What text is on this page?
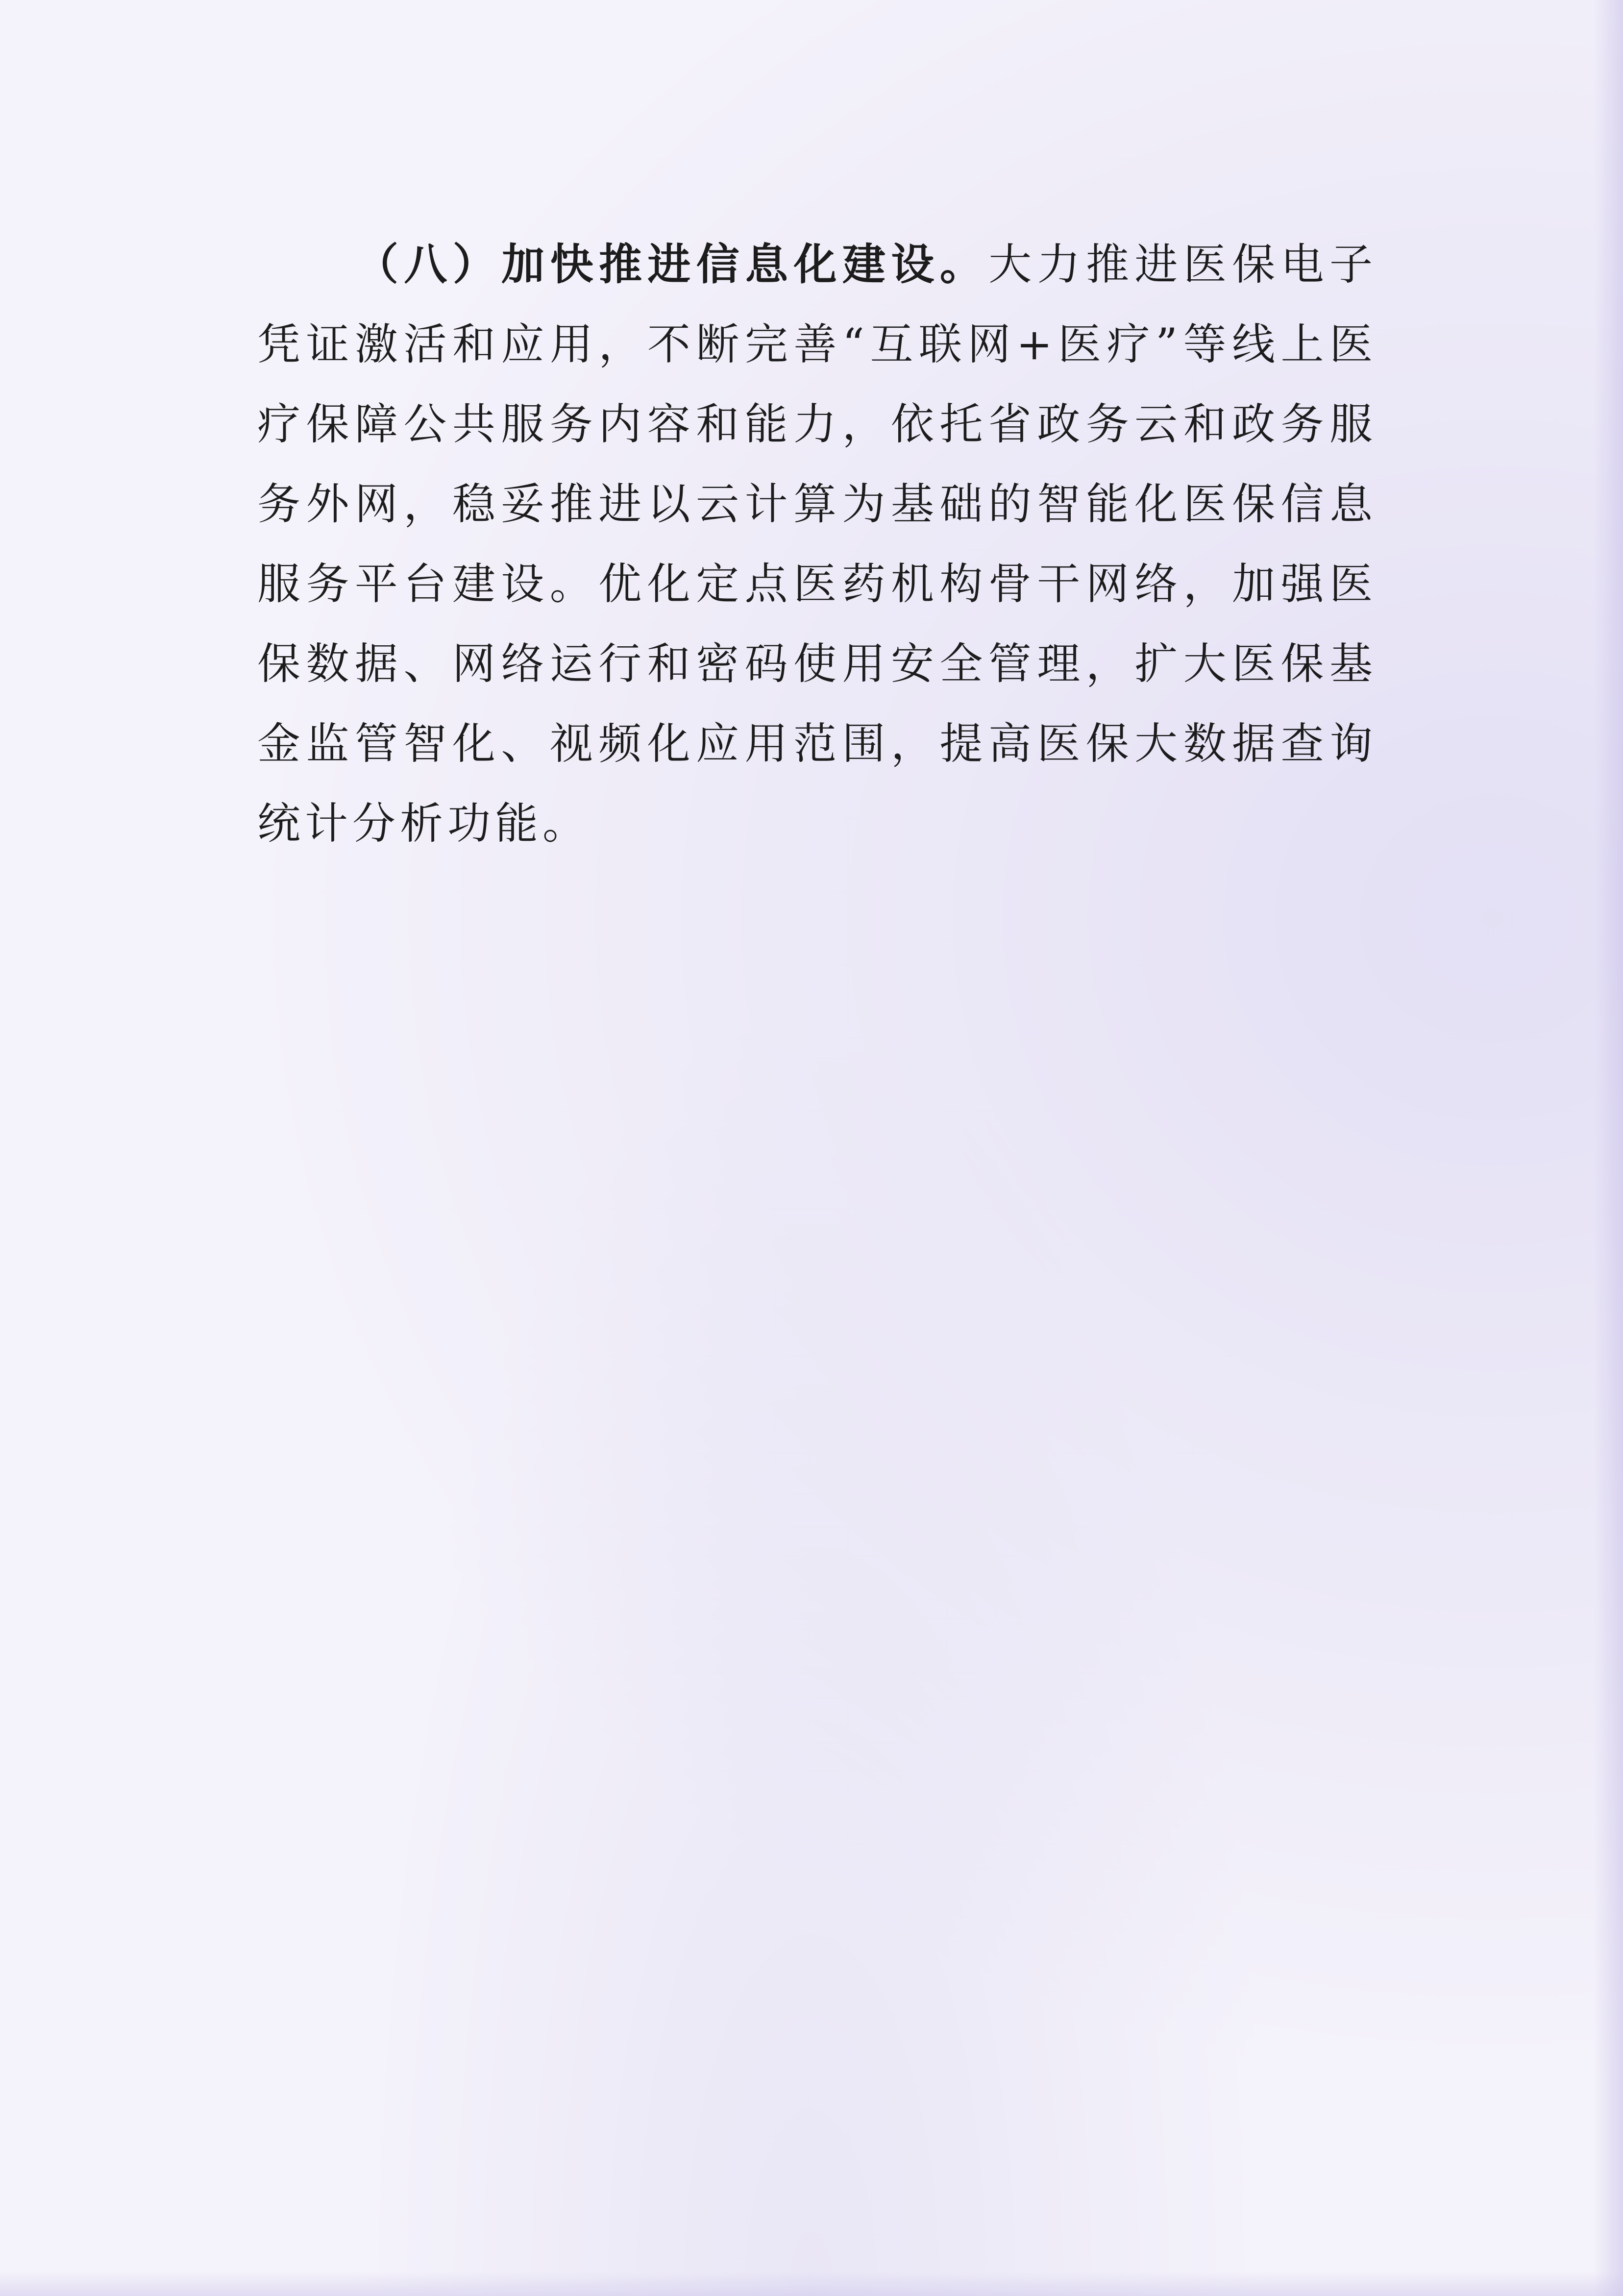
（八）加快推进信息化建设。大力推进医保电子凭证激活和应用，不断完善“互联网+医疗”等线上医疗保障公共服务内容和能力，依托省政务云和政务服务外网，稳妥推进以云计算为基础的智能化医保信息服务平台建设。优化定点医药机构骨干网络，加强医保数据、网络运行和密码使用安全管理，扩大医保基金监管智化、视频化应用范围，提高医保大数据查询统计分析功能。
